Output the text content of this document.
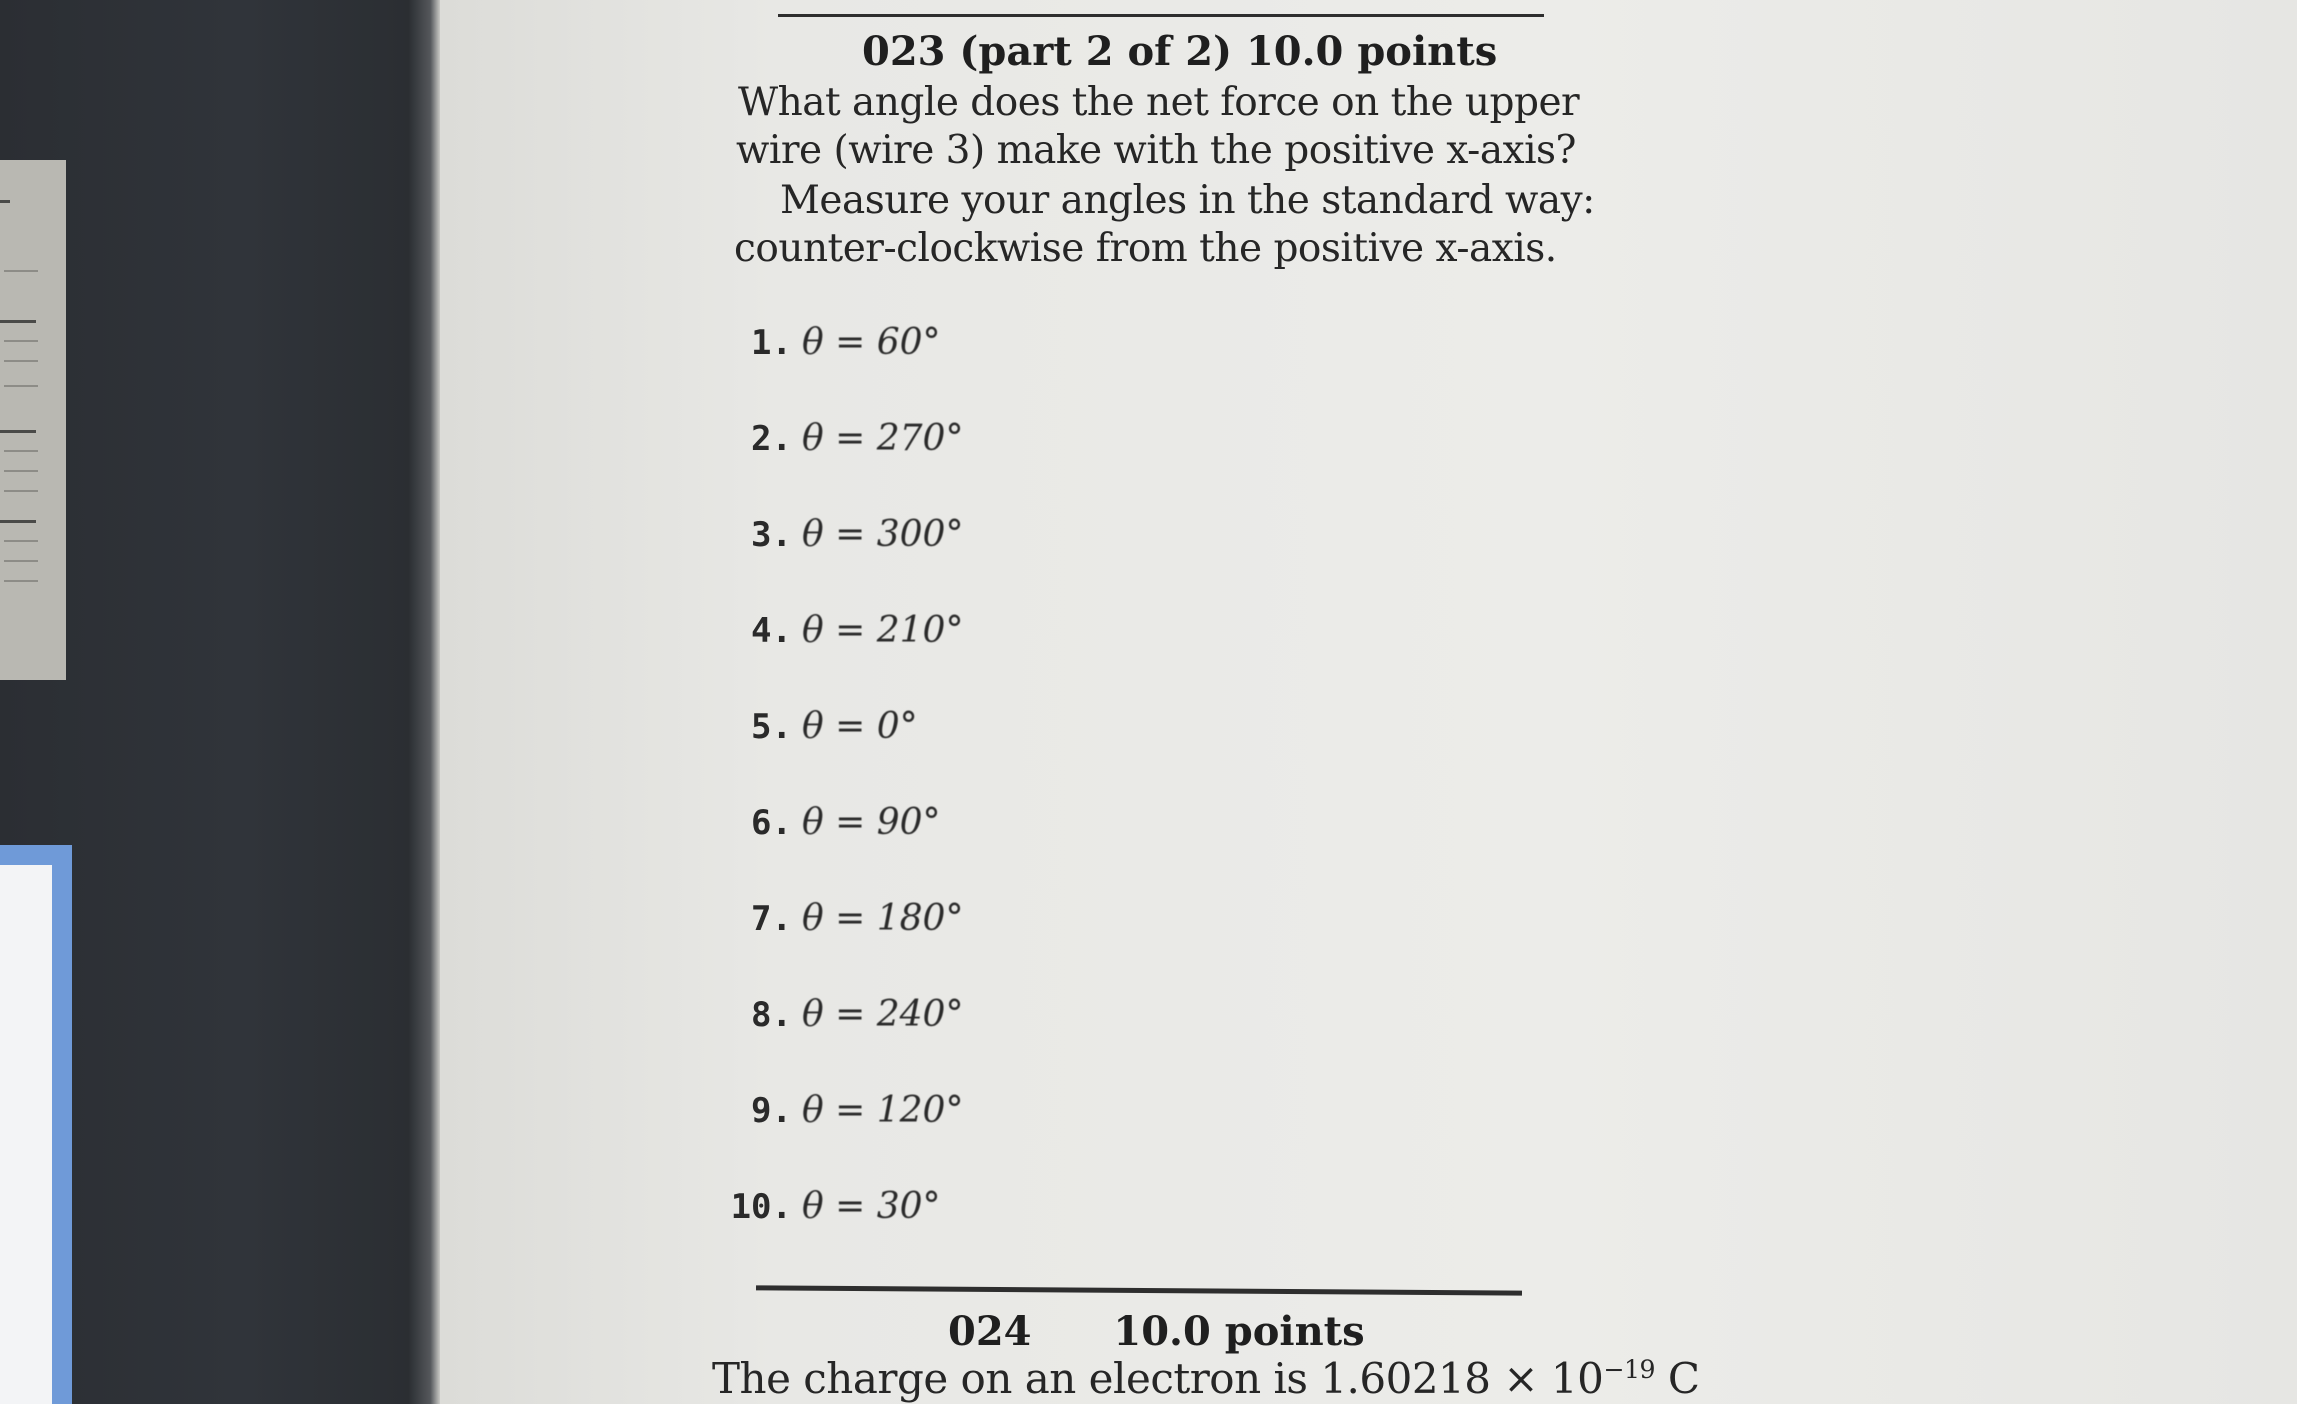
023 (part 2 of 2) 10.0 points
What angle does the net force on the upper
wire (wire 3) make with the positive x-axis?
Measure your angles in the standard way:
counter-clockwise from the positive x-axis.
1. θ = 60°
2. θ = 270°
3. θ = 300°
4. θ = 210°
5. θ = 0°
6. θ = 90°
7. θ = 180°
8. θ = 240°
9. θ = 120°
10. θ = 30°
024 10.0 points
The charge on an electron is $1.60218 \times 10^{-19}$ C
